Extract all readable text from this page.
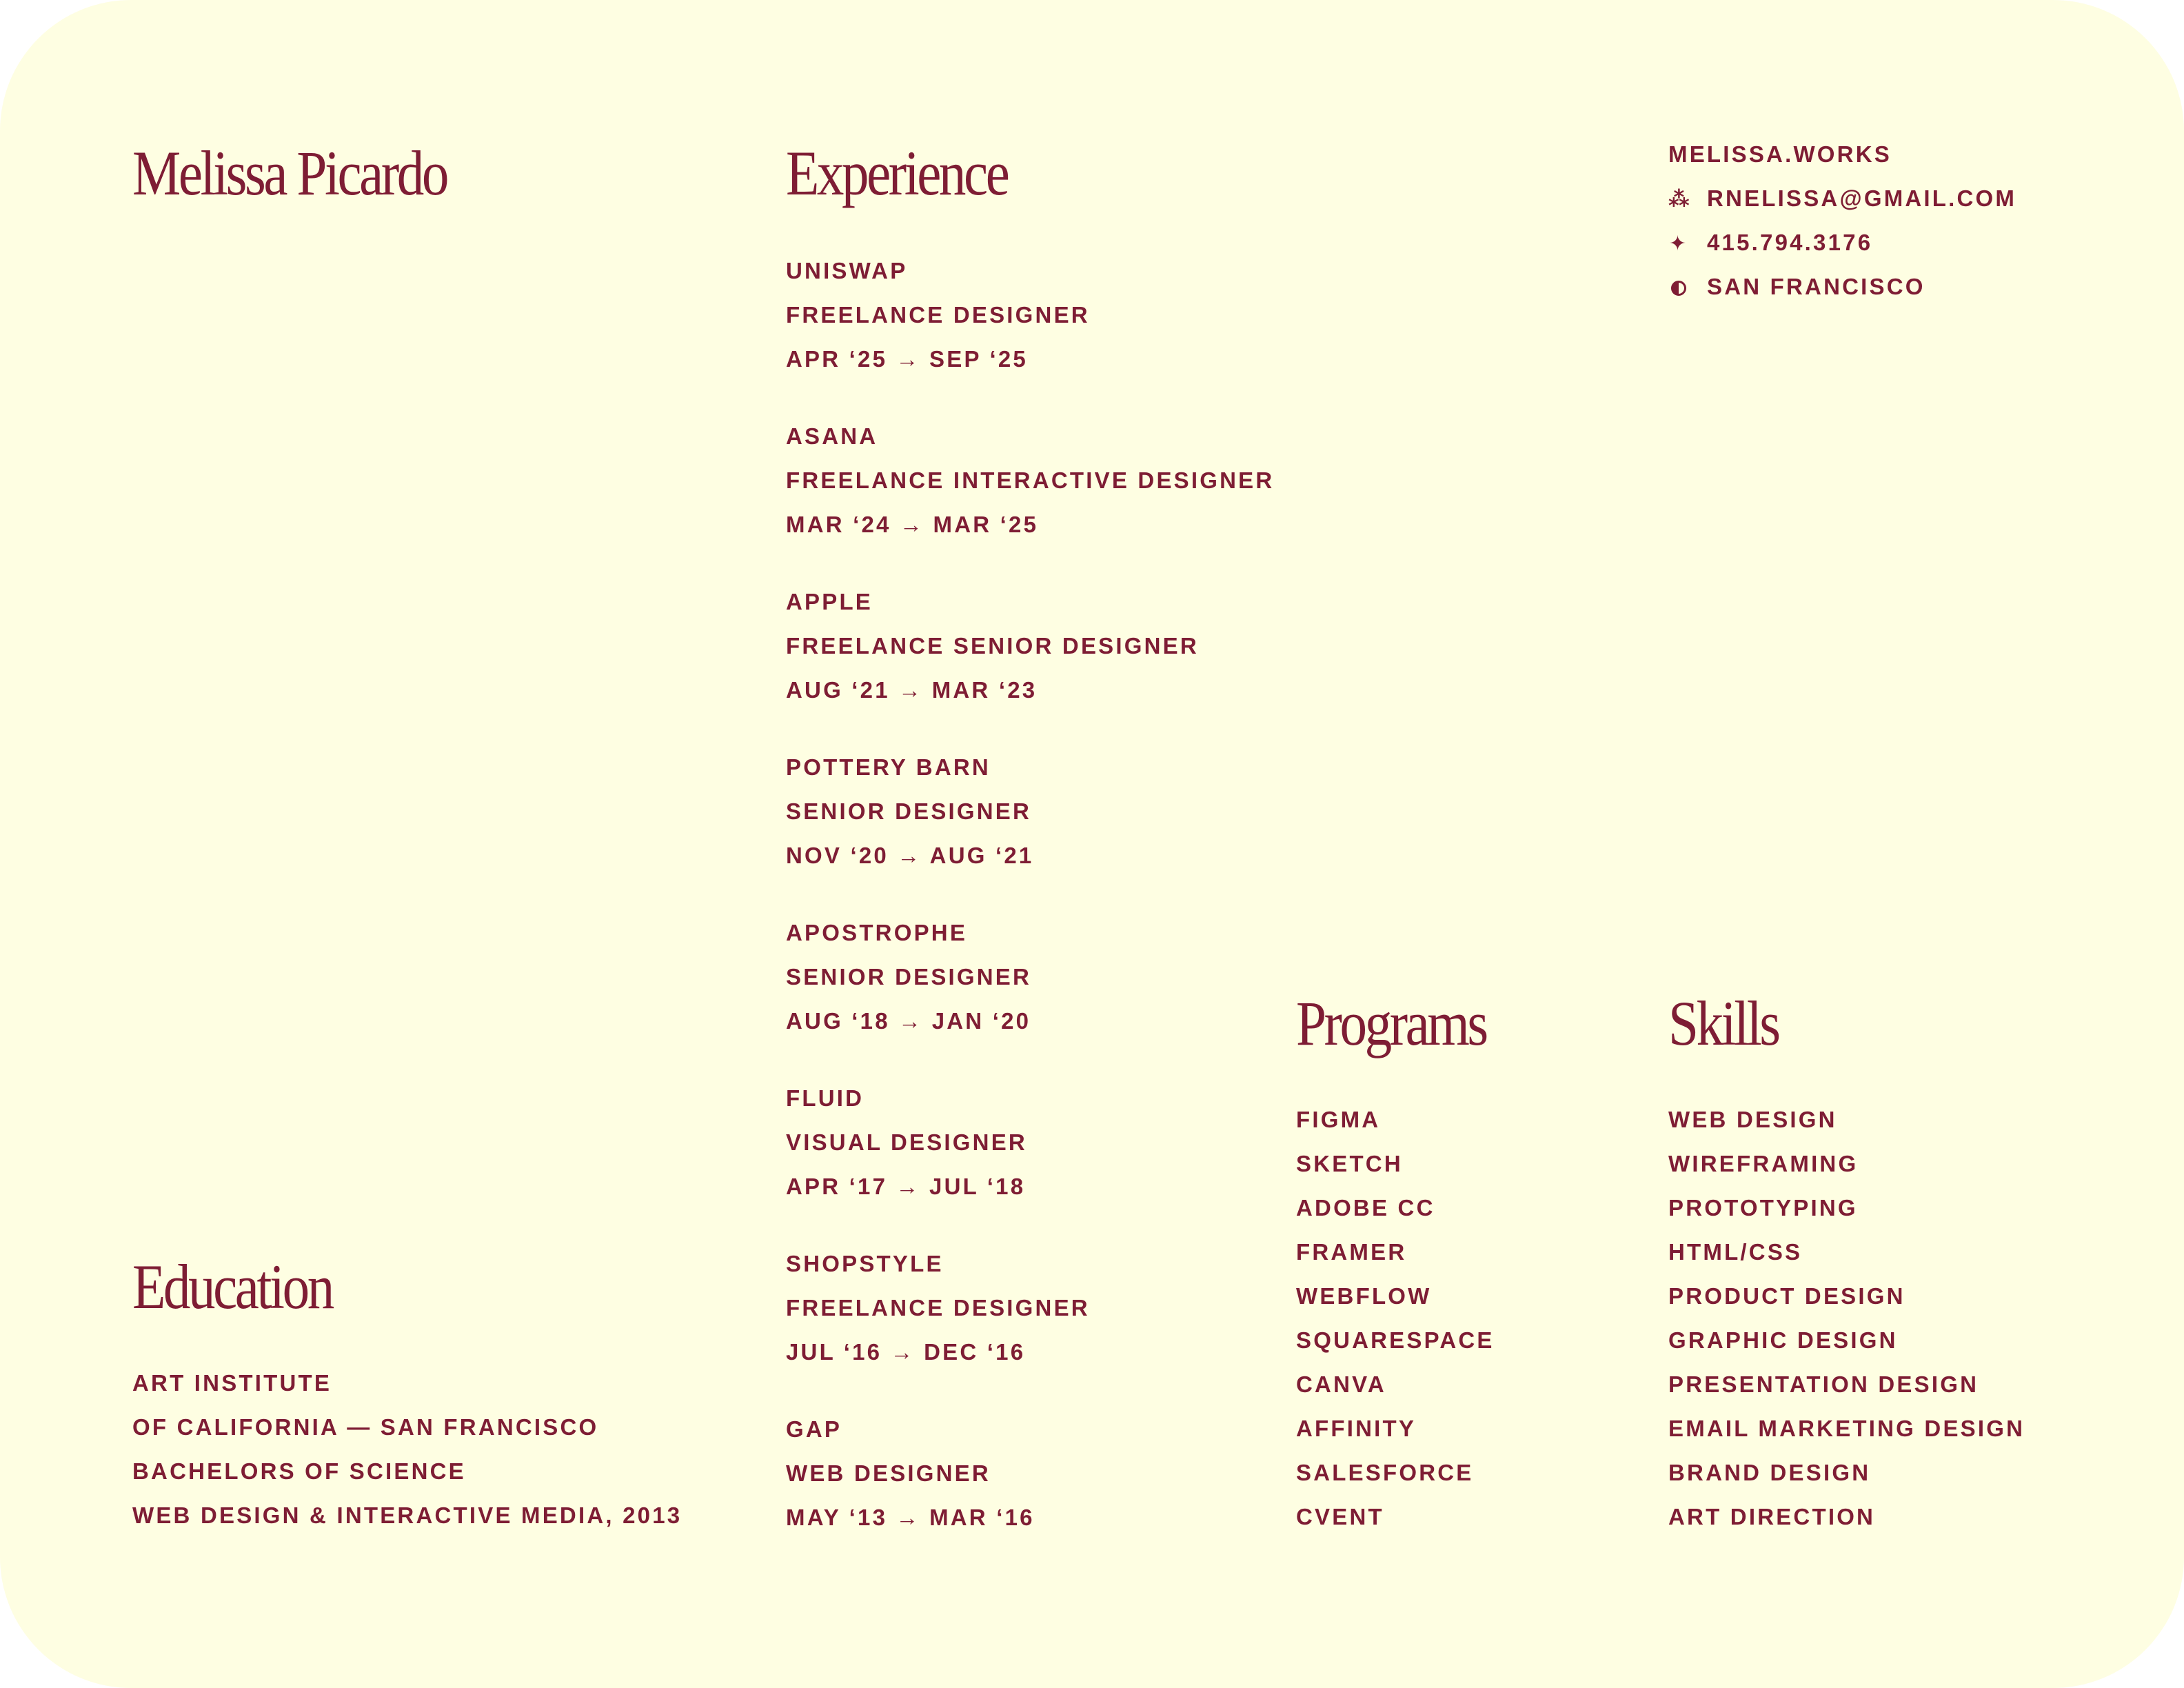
Melissa Picardo	Experience
UNISWAP
FREELANCE DESIGNER
APR ‘25 → SEP ‘25
ASANA
FREELANCE INTERACTIVE DESIGNER
MAR ‘24 → MAR ‘25
APPLE
FREELANCE SENIOR DESIGNER
AUG ‘21 → MAR ‘23
POTTERY BARN
SENIOR DESIGNER
NOV ‘20 → AUG ‘21
APOSTROPHE
SENIOR DESIGNER
AUG ‘18 → JAN ‘20
FLUID
VISUAL DESIGNER
APR ‘17 → JUL ‘18
SHOPSTYLE
FREELANCE DESIGNER
JUL ‘16 → DEC ‘16
GAP
WEB DESIGNER
MAY ‘13 → MAR ‘16
MELISSA.WORKS
⁂ RNELISSA@GMAIL.COM
✦ 415.794.3176
SAN FRANCISCO
Programs
FIGMA
SKETCH
ADOBE CC
FRAMER
WEBFLOW
SQUARESPACE
CANVA
AFFINITY
SALESFORCE
CVENT
Skills
WEB DESIGN
WIREFRAMING
PROTOTYPING
HTML/CSS
PRODUCT DESIGN
GRAPHIC DESIGN
PRESENTATION DESIGN
EMAIL MARKETING DESIGN
BRAND DESIGN
ART DIRECTION
Education
ART INSTITUTE
OF CALIFORNIA — SAN FRANCISCO
BACHELORS OF SCIENCE
WEB DESIGN & INTERACTIVE MEDIA, 2013
